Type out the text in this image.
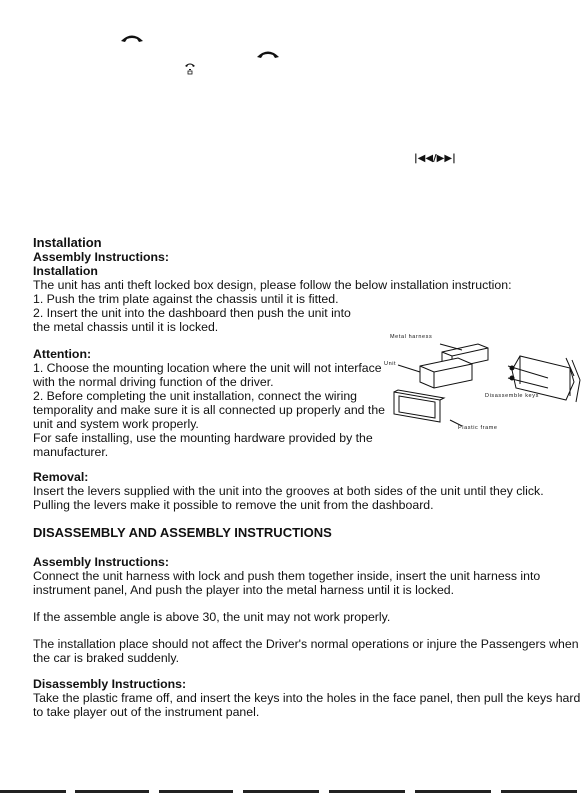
|◀◀/▶▶|
Installation
Assembly Instructions:
Installation
The unit has anti theft locked box design, please follow the below installation instruction:
1. Push the trim plate against the chassis until it is fitted.
2. Insert the unit into the dashboard then push the unit into
the metal chassis until it is locked.
Attention:
1. Choose the mounting location where the unit will not interface
with the normal driving function of the driver.
2. Before completing the unit installation, connect the wiring
temporality and make sure it is all connected up properly and the
unit and system work properly.
For safe installing, use the mounting hardware provided by the
manufacturer.
Metal harness
Unit
Disassemble keys
Plastic frame
Removal:
Insert the levers supplied with the unit into the grooves at both sides of the unit until they click.
Pulling the levers make it possible to remove the unit from the dashboard.
DISASSEMBLY AND ASSEMBLY INSTRUCTIONS
Assembly Instructions:
Connect the unit harness with lock and push them together inside, insert the unit harness into
instrument panel, And push the player into the metal harness until it is locked.
If the assemble angle is above 30, the unit may not work properly.
The installation place should not affect the Driver's normal operations or injure the Passengers when
the car is braked suddenly.
Disassembly Instructions:
Take the plastic frame off, and insert the keys into the holes in the face panel, then pull the keys hard
to take player out of the instrument panel.
